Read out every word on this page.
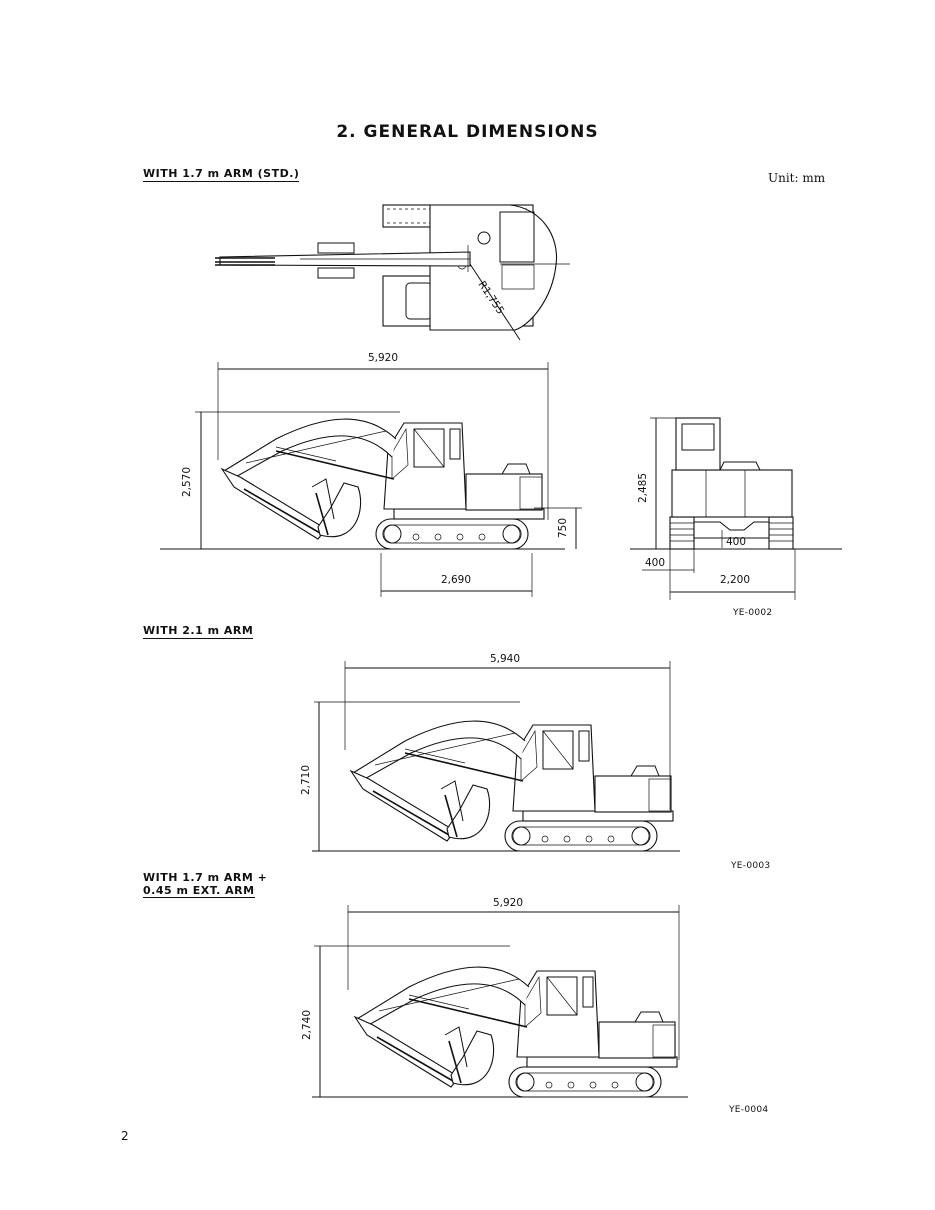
2. GENERAL DIMENSIONS
WITH 1.7 m ARM (STD.)	Unit: mm
R1,755
5,920
2,570
750
2,690
2,485
400
400
2,200
5,940
2,710
5,920
2,740
YE-0002
WITH 2.1 m ARM
YE-0003
WITH 1.7 m ARM +
0.45 m EXT. ARM
YE-0004
2
